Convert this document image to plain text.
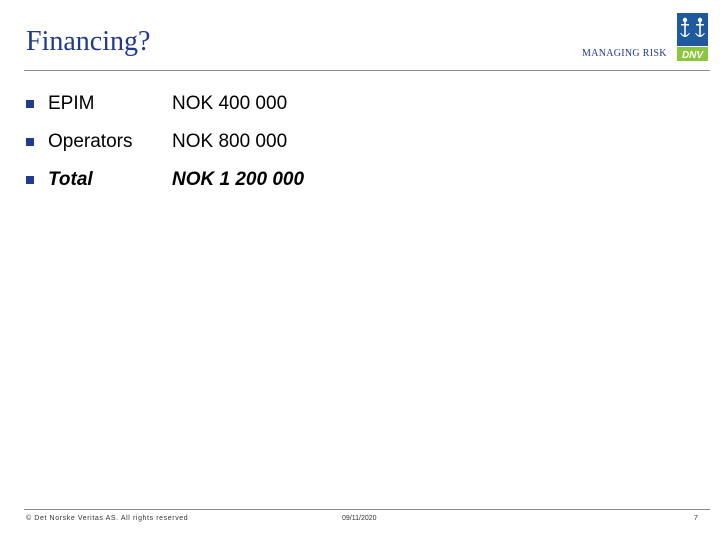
Financing?	MANAGING RISK DNV
EPIM	NOK 400 000
Operators NOK 800 000
Total	NOK 1 200 000
© Det Norske Veritas AS. All rights reserved	09/11/2020	7
